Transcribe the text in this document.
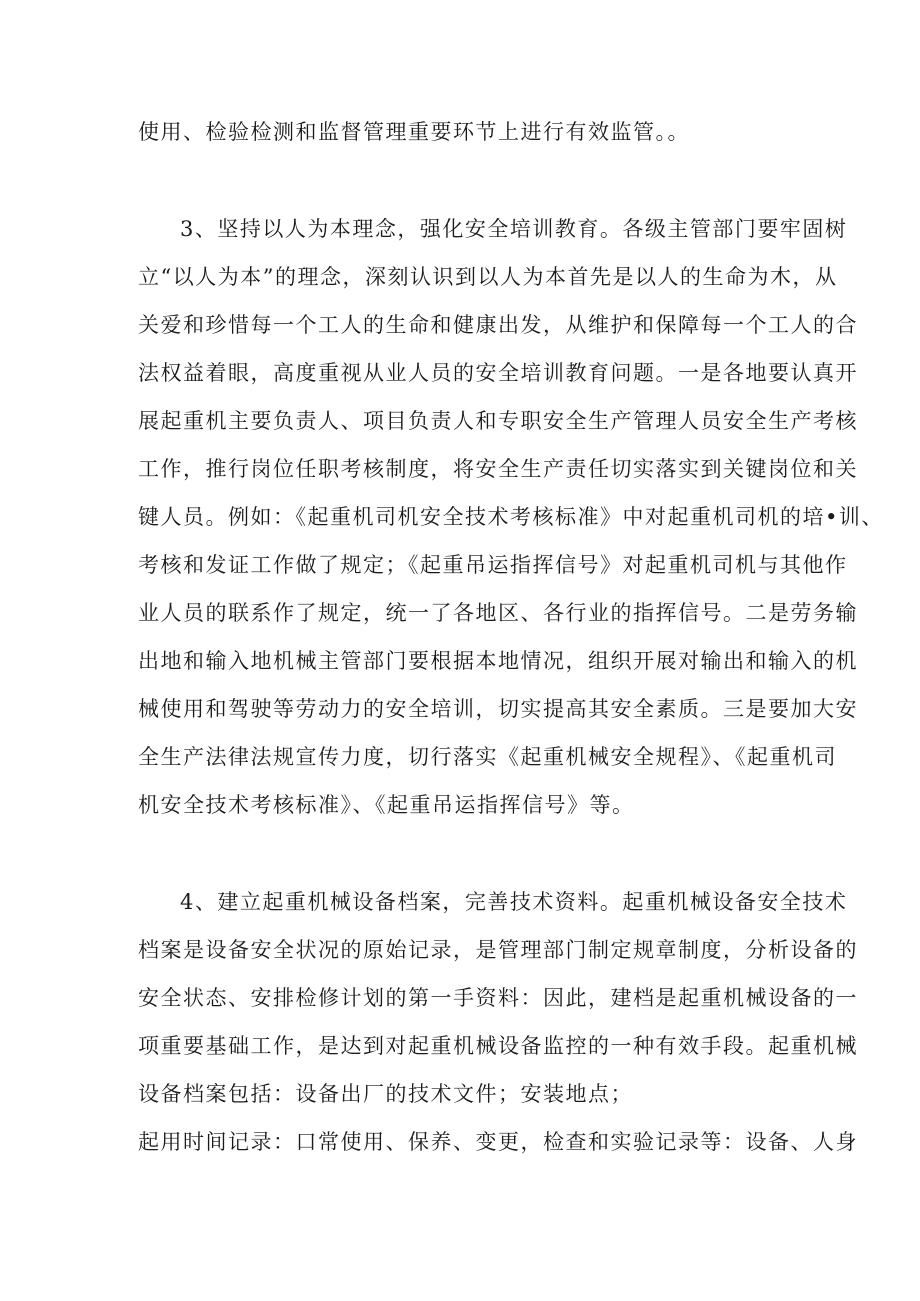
使用、检验检测和监督管理重要环节上进行有效监管。。
3、坚持以人为本理念，强化安全培训教育。各级主管部门要牢固树
立“以人为本”的理念，深刻认识到以人为本首先是以人的生命为木，从
关爱和珍惜每一个工人的生命和健康出发，从维护和保障每一个工人的合
法权益着眼，高度重视从业人员的安全培训教育问题。一是各地要认真开
展起重机主要负责人、项目负责人和专职安全生产管理人员安全生产考核
工作，推行岗位任职考核制度，将安全生产责任切实落实到关键岗位和关
键人员。例如：《起重机司机安全技术考核标准》中对起重机司机的培•训、
考核和发证工作做了规定；《起重吊运指挥信号》对起重机司机与其他作
业人员的联系作了规定，统一了各地区、各行业的指挥信号。二是劳务输
出地和输入地机械主管部门要根据本地情况，组织开展对输出和输入的机
械使用和驾驶等劳动力的安全培训，切实提高其安全素质。三是要加大安
全生产法律法规宣传力度，切行落实《起重机械安全规程》、《起重机司
机安全技术考核标准》、《起重吊运指挥信号》等。
4、建立起重机械设备档案，完善技术资料。起重机械设备安全技术
档案是设备安全状况的原始记录，是管理部门制定规章制度，分析设备的
安全状态、安排检修计划的第一手资料：因此，建档是起重机械设备的一
项重要基础工作，是达到对起重机械设备监控的一种有效手段。起重机械
设备档案包括：设备出厂的技术文件；安装地点；
起用时间记录：口常使用、保养、变更，检查和实验记录等：设备、人身
